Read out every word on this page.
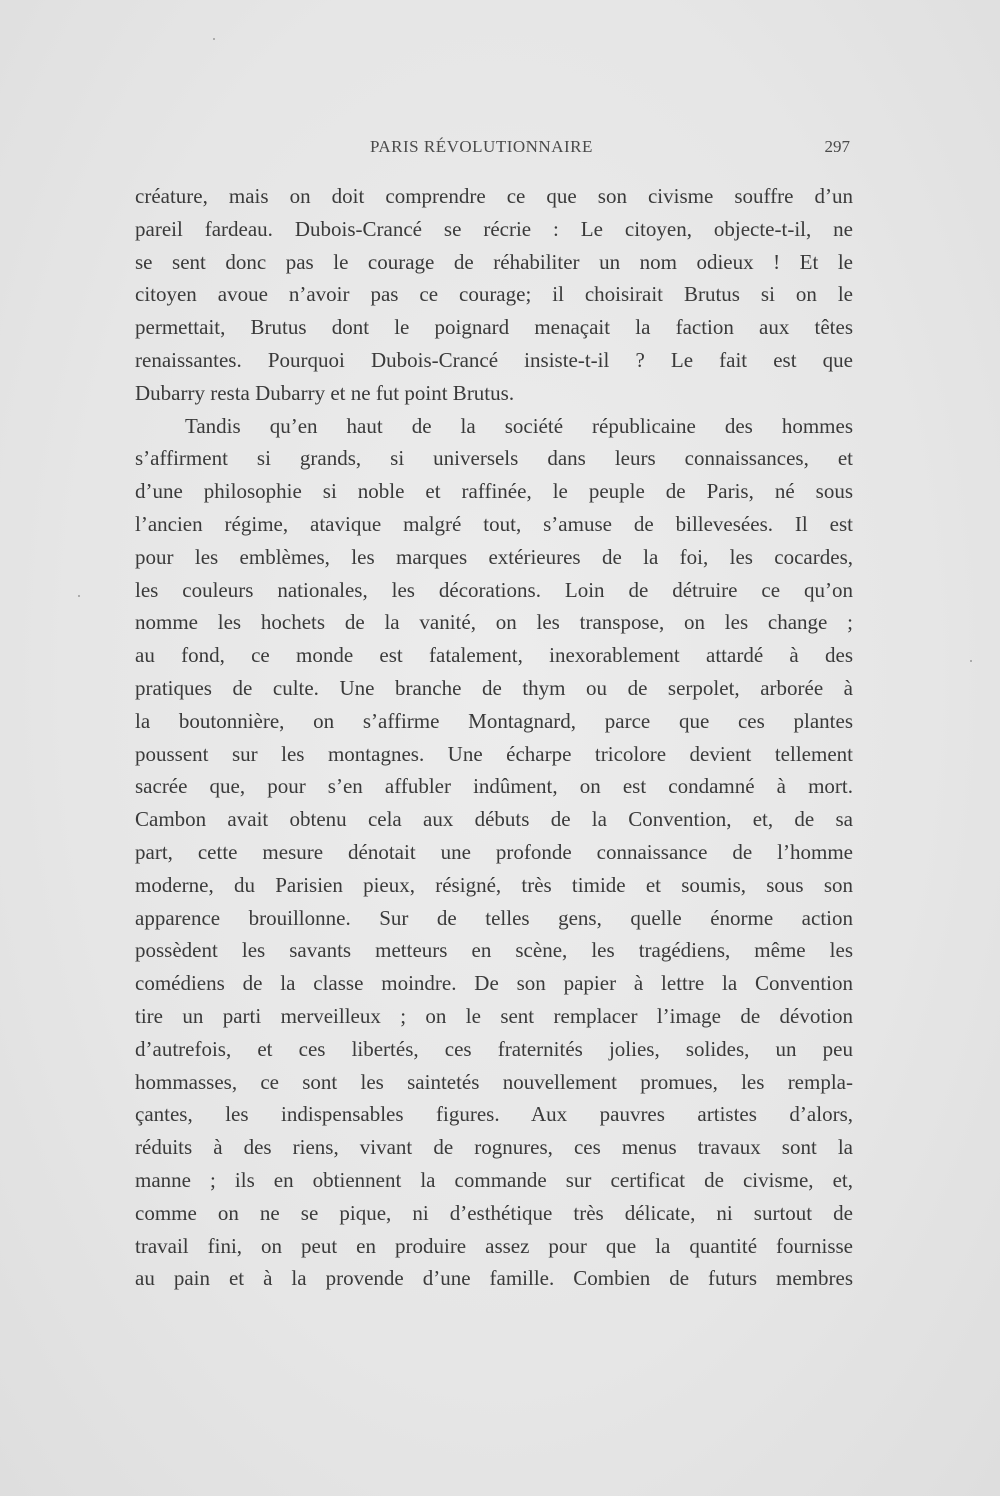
PARIS RÉVOLUTIONNAIRE	297
créature, mais on doit comprendre ce que son civisme souffre d’un
pareil fardeau. Dubois-Crancé se récrie : Le citoyen, objecte-t-il, ne
se sent donc pas le courage de réhabiliter un nom odieux ! Et le
citoyen avoue n’avoir pas ce courage; il choisirait Brutus si on le
permettait, Brutus dont le poignard menaçait la faction aux têtes
renaissantes. Pourquoi Dubois-Crancé insiste-t-il ? Le fait est que
Dubarry resta Dubarry et ne fut point Brutus.
Tandis qu’en haut de la société républicaine des hommes
s’affirment si grands, si universels dans leurs connaissances, et
d’une philosophie si noble et raffinée, le peuple de Paris, né sous
l’ancien régime, atavique malgré tout, s’amuse de billevesées. Il est
pour les emblèmes, les marques extérieures de la foi, les cocardes,
les couleurs nationales, les décorations. Loin de détruire ce qu’on
nomme les hochets de la vanité, on les transpose, on les change ;
au fond, ce monde est fatalement, inexorablement attardé à des
pratiques de culte. Une branche de thym ou de serpolet, arborée à
la boutonnière, on s’affirme Montagnard, parce que ces plantes
poussent sur les montagnes. Une écharpe tricolore devient tellement
sacrée que, pour s’en affubler indûment, on est condamné à mort.
Cambon avait obtenu cela aux débuts de la Convention, et, de sa
part, cette mesure dénotait une profonde connaissance de l’homme
moderne, du Parisien pieux, résigné, très timide et soumis, sous son
apparence brouillonne. Sur de telles gens, quelle énorme action
possèdent les savants metteurs en scène, les tragédiens, même les
comédiens de la classe moindre. De son papier à lettre la Convention
tire un parti merveilleux ; on le sent remplacer l’image de dévotion
d’autrefois, et ces libertés, ces fraternités jolies, solides, un peu
hommasses, ce sont les saintetés nouvellement promues, les rempla-
çantes, les indispensables figures. Aux pauvres artistes d’alors,
réduits à des riens, vivant de rognures, ces menus travaux sont la
manne ; ils en obtiennent la commande sur certificat de civisme, et,
comme on ne se pique, ni d’esthétique très délicate, ni surtout de
travail fini, on peut en produire assez pour que la quantité fournisse
au pain et à la provende d’une famille. Combien de futurs membres
